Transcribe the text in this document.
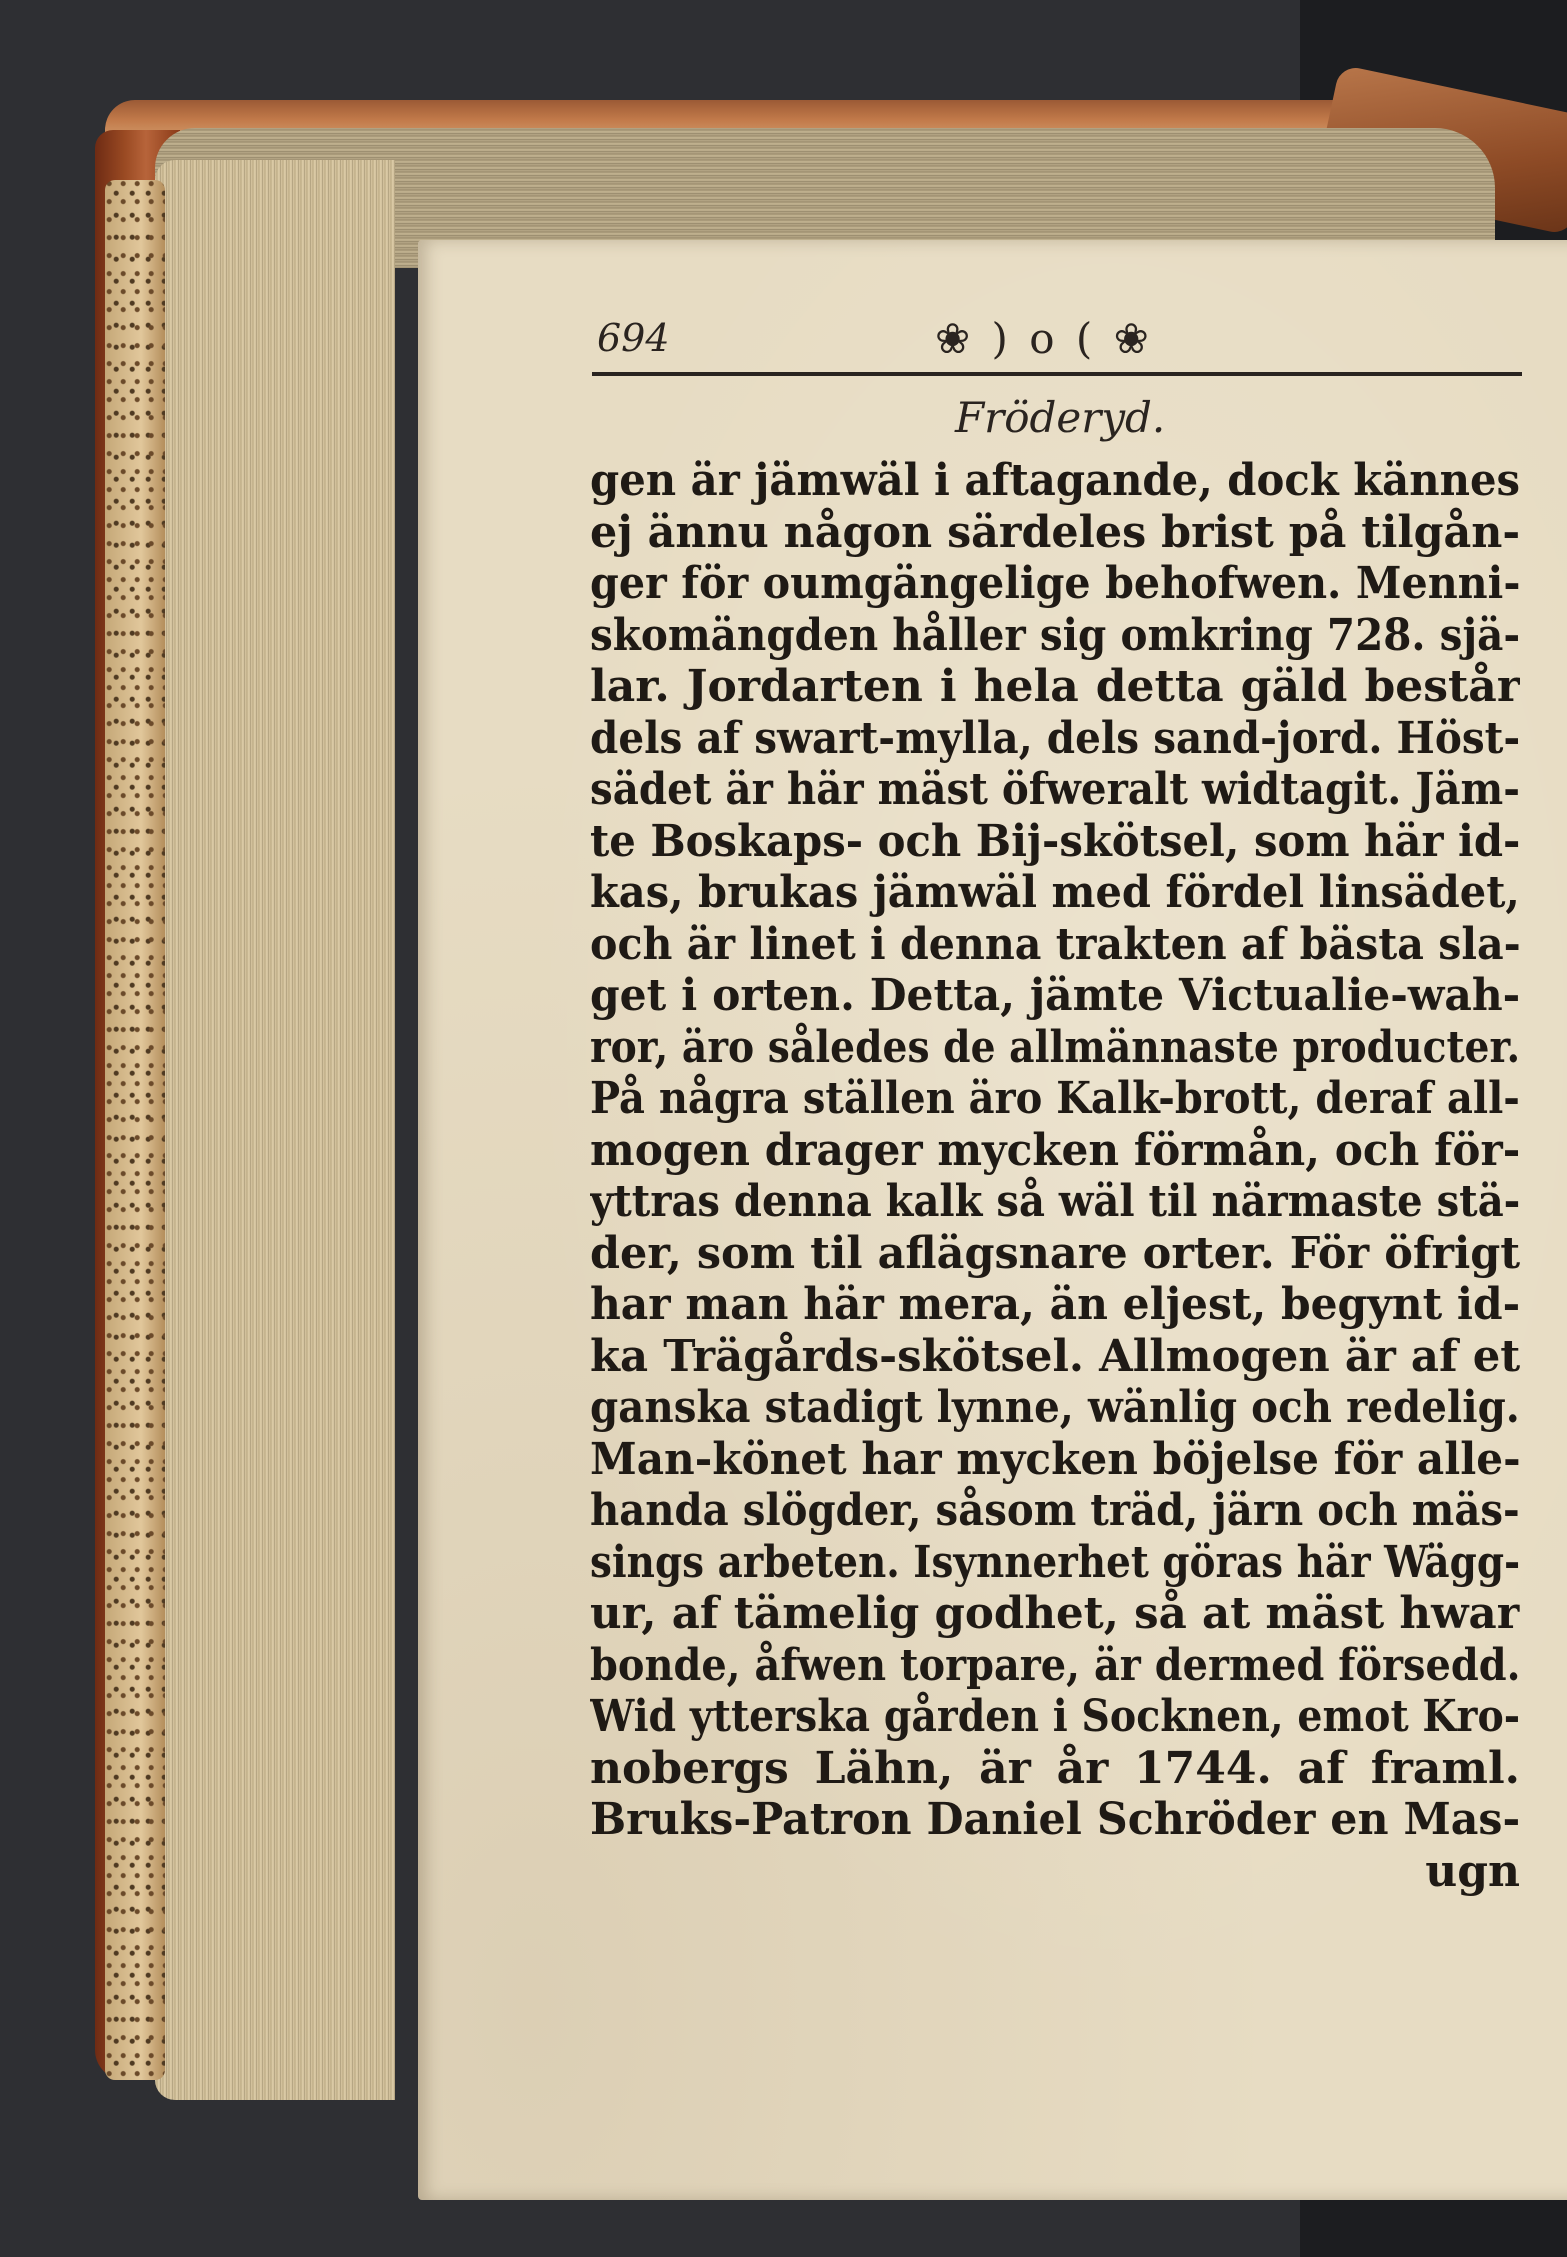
694	❀ ) o ( ❀
Fröderyd.
gen är jämwäl i aftagande, dock kännes
ej ännu någon särdeles brist på tilgån-
ger för oumgängelige behofwen. Menni-
skomängden håller sig omkring 728. sjä-
lar. Jordarten i hela detta gäld består
dels af swart-mylla, dels sand-jord. Höst-
sädet är här mäst öfweralt widtagit. Jäm-
te Boskaps- och Bij-skötsel, som här id-
kas, brukas jämwäl med fördel linsädet,
och är linet i denna trakten af bästa sla-
get i orten. Detta, jämte Victualie-wah-
ror, äro således de allmännaste producter.
På några ställen äro Kalk-brott, deraf all-
mogen drager mycken förmån, och för-
yttras denna kalk så wäl til närmaste stä-
der, som til aflägsnare orter. För öfrigt
har man här mera, än eljest, begynt id-
ka Trägårds-skötsel. Allmogen är af et
ganska stadigt lynne, wänlig och redelig.
Man-könet har mycken böjelse för alle-
handa slögder, såsom träd, järn och mäs-
sings arbeten. Isynnerhet göras här Wägg-
ur, af tämelig godhet, så at mäst hwar
bonde, åfwen torpare, är dermed försedd.
Wid ytterska gården i Socknen, emot Kro-
nobergs Lähn, är år 1744. af framl.
Bruks-Patron Daniel Schröder en Mas-
ugn
